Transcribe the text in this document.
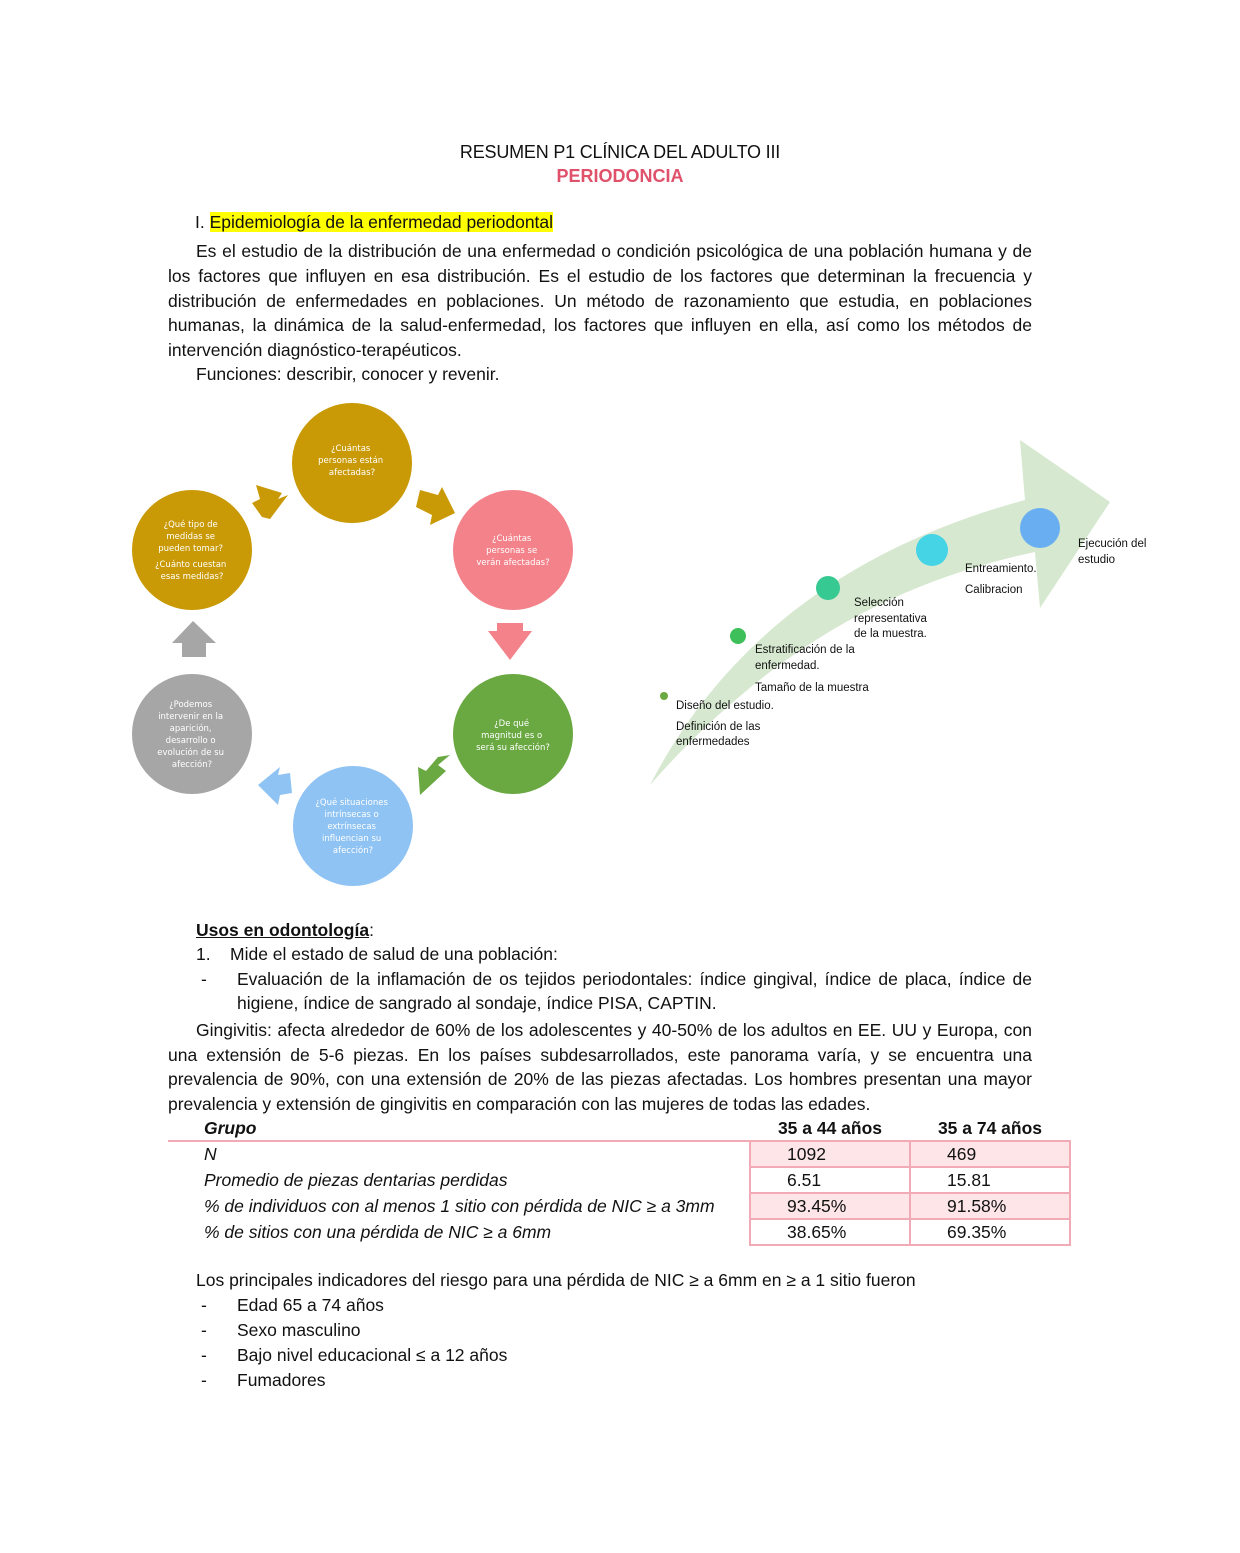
RESUMEN P1 CLÍNICA DEL ADULTO III
PERIODONCIA
I. Epidemiología de la enfermedad periodontal
Es el estudio de la distribución de una enfermedad o condición psicológica de una población humana y de
los factores que influyen en esa distribución. Es el estudio de los factores que determinan la frecuencia y
distribución de enfermedades en poblaciones. Un método de razonamiento que estudia, en poblaciones
humanas, la dinámica de la salud-enfermedad, los factores que influyen en ella, así como los métodos de
intervención diagnóstico-terapéuticos.
Funciones: describir, conocer y revenir.
¿Cuántas personas están afectadas?
¿Cuántas personas se verán afectadas?
¿De qué magnitud es o será su afección?
¿Qué situaciones intrínsecas o extrínsecas influencian su afección?
¿Podemos intervenir en la aparición, desarrollo o evolución de su afección?
¿Qué tipo de medidas se pueden tomar? ¿Cuánto cuestan esas medidas?
Diseño del estudio. Definición de las enfermedades
Estratificación de la enfermedad. Tamaño de la muestra
Selección representativa de la muestra.
Entreamiento. Calibracion
Ejecución del estudio
Usos en odontología:
1. Mide el estado de salud de una población:
- Evaluación de la inflamación de os tejidos periodontales: índice gingival, índice de placa, índice de
higiene, índice de sangrado al sondaje, índice PISA, CAPTIN.
Gingivitis: afecta alrededor de 60% de los adolescentes y 40-50% de los adultos en EE. UU y Europa, con
una extensión de 5-6 piezas. En los países subdesarrollados, este panorama varía, y se encuentra una
prevalencia de 90%, con una extensión de 20% de las piezas afectadas. Los hombres presentan una mayor
prevalencia y extensión de gingivitis en comparación con las mujeres de todas las edades.
Grupo	35 a 44 años	35 a 74 años
N	1092	469
Promedio de piezas dentarias perdidas	6.51	15.81
% de individuos con al menos 1 sitio con pérdida de NIC ≥ a 3mm	93.45%	91.58%
% de sitios con una pérdida de NIC ≥ a 6mm	38.65%	69.35%
Los principales indicadores del riesgo para una pérdida de NIC ≥ a 6mm en ≥ a 1 sitio fueron
- Edad 65 a 74 años
- Sexo masculino
- Bajo nivel educacional ≤ a 12 años
- Fumadores
